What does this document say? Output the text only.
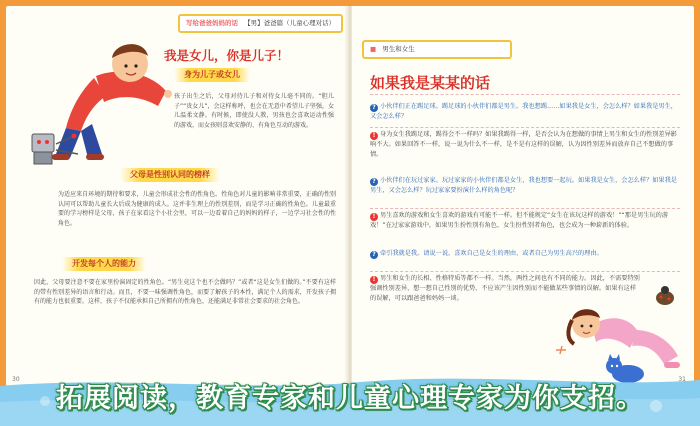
写给爸爸妈妈的话 【男】爸爸篇（儿童心理对话）
我是女儿，你是儿子！
身为儿子或女儿
孩子出生之后，父母对待儿子和对待女儿毫不同的。“胆儿子”“贵女儿”，会这样称呼，也会在无意中希望儿子坚强，女儿温柔文静。有时候，即使没人教，男孩也会喜欢运动性强的游戏，而女孩则喜欢安静的、有角色互动的游戏。
父母是性别认同的榜样
为适应来自环境的期待和要求，儿童会形成社会性的性角色。性角色对儿童的影响非常重要，正确的性别认同可以帮助儿童长大后成为健康的成人。这并非生理上的性别差别，而是学习正确的性角色。儿童最重要的学习榜样是父母，孩子在家看这个小社会里，可以一边看着自己的妈妈的样子，一边学习社会性的性角色。
开发每个人的能力
因此，父母要注意不要在家里扮演固定的性角色。“男生竟这个也不会做吗？”或者“这是女生们做的。”不要有这样的带有性别差异的语言和行动。而且，不要一味强调性角色，而要了解孩子的本性，满足个人的需求，开发孩子拥有的能力也很重要。这样，孩子不仅能承担自己所拥有的性角色，还能满足非常社会要求的社会角色。
30
■ 男生和女生
如果我是某某的话
? 小伙伴们正在踢足球。踢足球的小伙伴们都是男生。我也想踢……如果我是女生，会怎么样？如果我是男生，又会怎么样？
! 身为女生我踢足球，踢得会不一样吗？如果我踢得一样，是否会认为在想做的事情上男生和女生的性别差异影响不大。如果回答不一样，说一说为什么不一样，是不是有这样的误解，认为因性别差异而放弃自己不想做的事情。
? 小伙伴们在玩过家家。玩过家家的小伙伴们都是女生，我也想要一起玩。如果我是女生，会怎么样？如果我是男生，又会怎么样？玩过家家要扮演什么样的角色呢？
! 男生喜欢的游戏和女生喜欢的游戏有可能不一样。但不能规定“女生在该玩这样的游戏！”“那是男生玩的游戏！”在过家家游戏中，如果男生扮性别有角色，女生扮性别者角色，也会成为一种崭新的体验。
? 牵引我就是我。请说一说，喜欢自己是女生的理由，或者自己为男生高兴的理由。
! 男生和女生的长相、性格特质等都不一样。当然，两性之间也有不同的能力。因此，不需要特别强调性别差异，想一想自己性别的优势，不应该产生因性别而不能做某些事情的误解。如果有这样的误解，可以跟爸爸和妈妈一谈。
31
拓展阅读，教育专家和儿童心理专家为你支招。
